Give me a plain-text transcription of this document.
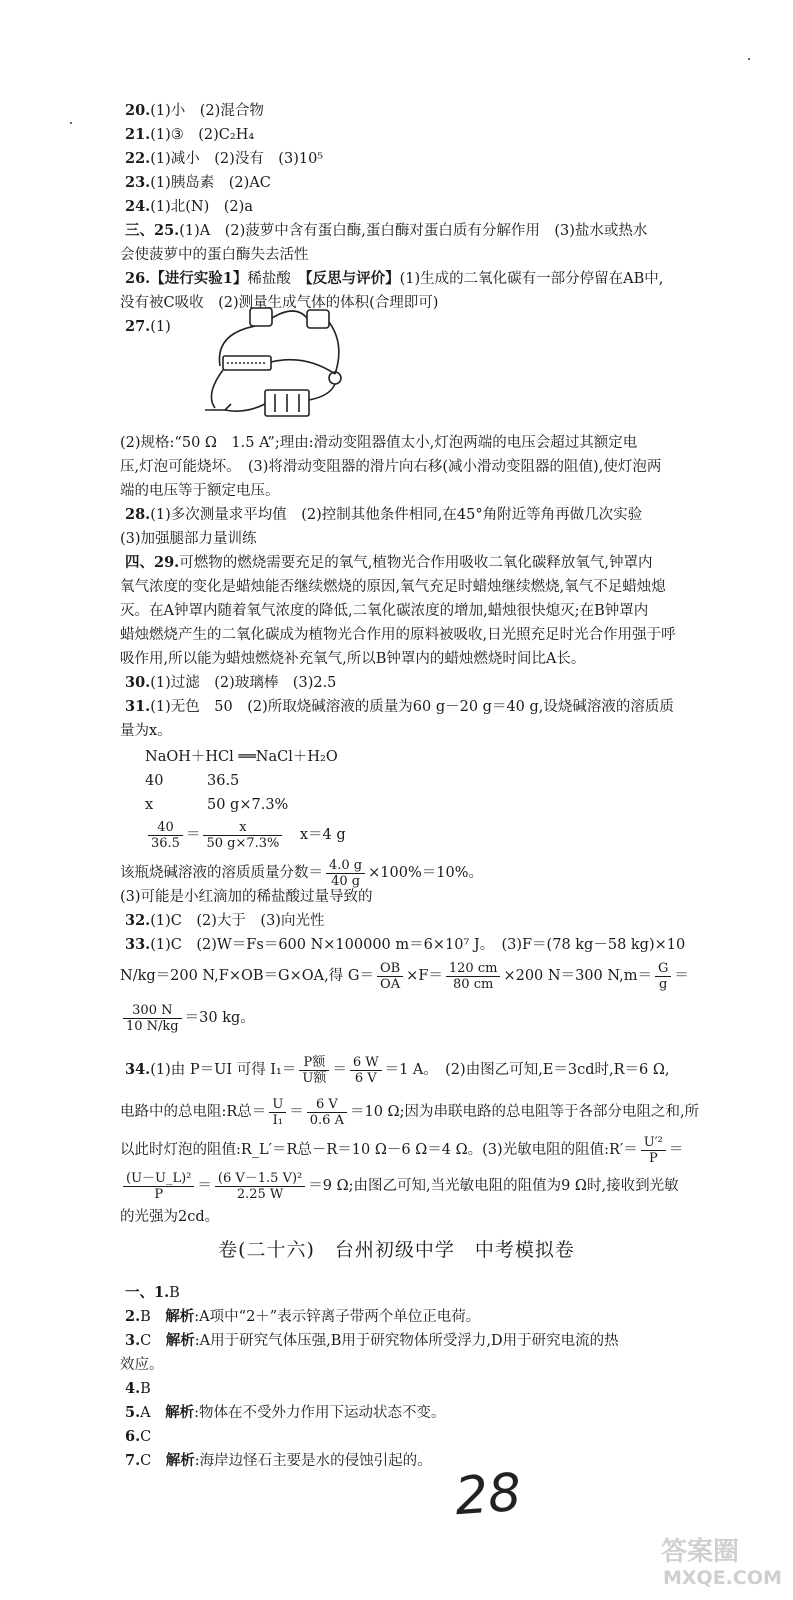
20.(1)小　(2)混合物
21.(1)③　(2)C₂H₄
22.(1)减小　(2)没有　(3)10⁵
23.(1)胰岛素　(2)AC
24.(1)北(N)　(2)a
三、25.(1)A　(2)菠萝中含有蛋白酶,蛋白酶对蛋白质有分解作用　(3)盐水或热水
会使菠萝中的蛋白酶失去活性
26.【进行实验1】稀盐酸　【反思与评价】(1)生成的二氧化碳有一部分停留在AB中,
没有被C吸收　(2)测量生成气体的体积(合理即可)
27.(1)
(2)规格:“50 Ω　1.5 A”;理由:滑动变阻器值太小,灯泡两端的电压会超过其额定电
压,灯泡可能烧坏。　(3)将滑动变阻器的滑片向右移(减小滑动变阻器的阻值),使灯泡两
端的电压等于额定电压。
28.(1)多次测量求平均值　(2)控制其他条件相同,在45°角附近等角再做几次实验
(3)加强腿部力量训练
四、29.可燃物的燃烧需要充足的氧气,植物光合作用吸收二氧化碳释放氧气,钟罩内
氧气浓度的变化是蜡烛能否继续燃烧的原因,氧气充足时蜡烛继续燃烧,氧气不足蜡烛熄
灭。在A钟罩内随着氧气浓度的降低,二氧化碳浓度的增加,蜡烛很快熄灭;在B钟罩内
蜡烛燃烧产生的二氧化碳成为植物光合作用的原料被吸收,日光照充足时光合作用强于呼
吸作用,所以能为蜡烛燃烧补充氧气,所以B钟罩内的蜡烛燃烧时间比A长。
30.(1)过滤　(2)玻璃棒　(3)2.5
31.(1)无色　50　(2)所取烧碱溶液的质量为60 g－20 g＝40 g,设烧碱溶液的溶质质
量为x。
NaOH＋HCl ══NaCl＋H₂O
40	36.5
x	50 g×7.3%
$\frac{40}{36.5} = \frac{x}{50 g\times 7.3\%}$
　 x＝4 g
该瓶烧碱溶液的溶质质量分数＝ $\frac{4.0 g}{40 g} \times 100\%=10\%$。
(3)可能是小红滴加的稀盐酸过量导致的
32.(1)C　(2)大于　(3)向光性
33.(1)C　(2)W＝Fs＝600 N×100000 m＝6×10⁷ J。　(3)F＝(78 kg－58 kg)×10
N/kg＝200 N,F×OB＝G×OA,得 $G= \frac{OB}{OA} \times F= \frac{120 cm}{80 cm} \times 200$ N＝300 $N,m= \frac{G}{g}$ ＝
$\frac{300 N}{10 N/kg} =30$ kg。
34.(1)由 P＝UI 可得 $I_1= \frac{\text{P额}}{\text{U额}} = \frac{6 W}{6 V} =1$ A。　(2)由图乙可知,E＝3cd时,R＝6 Ω,
电路中的总电阻:R总＝ $\frac{U}{\text{I₁}} = \frac{6 V}{0.6 A} =10$ Ω;因为串联电路的总电阻等于各部分电阻之和,所
以此时灯泡的阻值:R_L′＝R总－R＝10 Ω－6 Ω＝4 Ω。(3)光敏电阻的阻值:R′＝ $\frac{\text{U′²}}{P}$ ＝
$\frac{\text{(U－U\_L)²}}{P} = \frac{\text{(6 V－1.5 V)²}}{2.25 W} =9$ Ω;由图乙可知,当光敏电阻的阻值为9 Ω时,接收到光敏
的光强为2cd。
卷(二十六) 台州初级中学 中考模拟卷
一、1.B
2.B　解析:A项中“2＋”表示锌离子带两个单位正电荷。
3.C　解析:A用于研究气体压强,B用于研究物体所受浮力,D用于研究电流的热
效应。
4.B
5.A　解析:物体在不受外力作用下运动状态不变。
6.C
7.C　解析:海岸边怪石主要是水的侵蚀引起的。
28
答案圈
MXQE.COM
